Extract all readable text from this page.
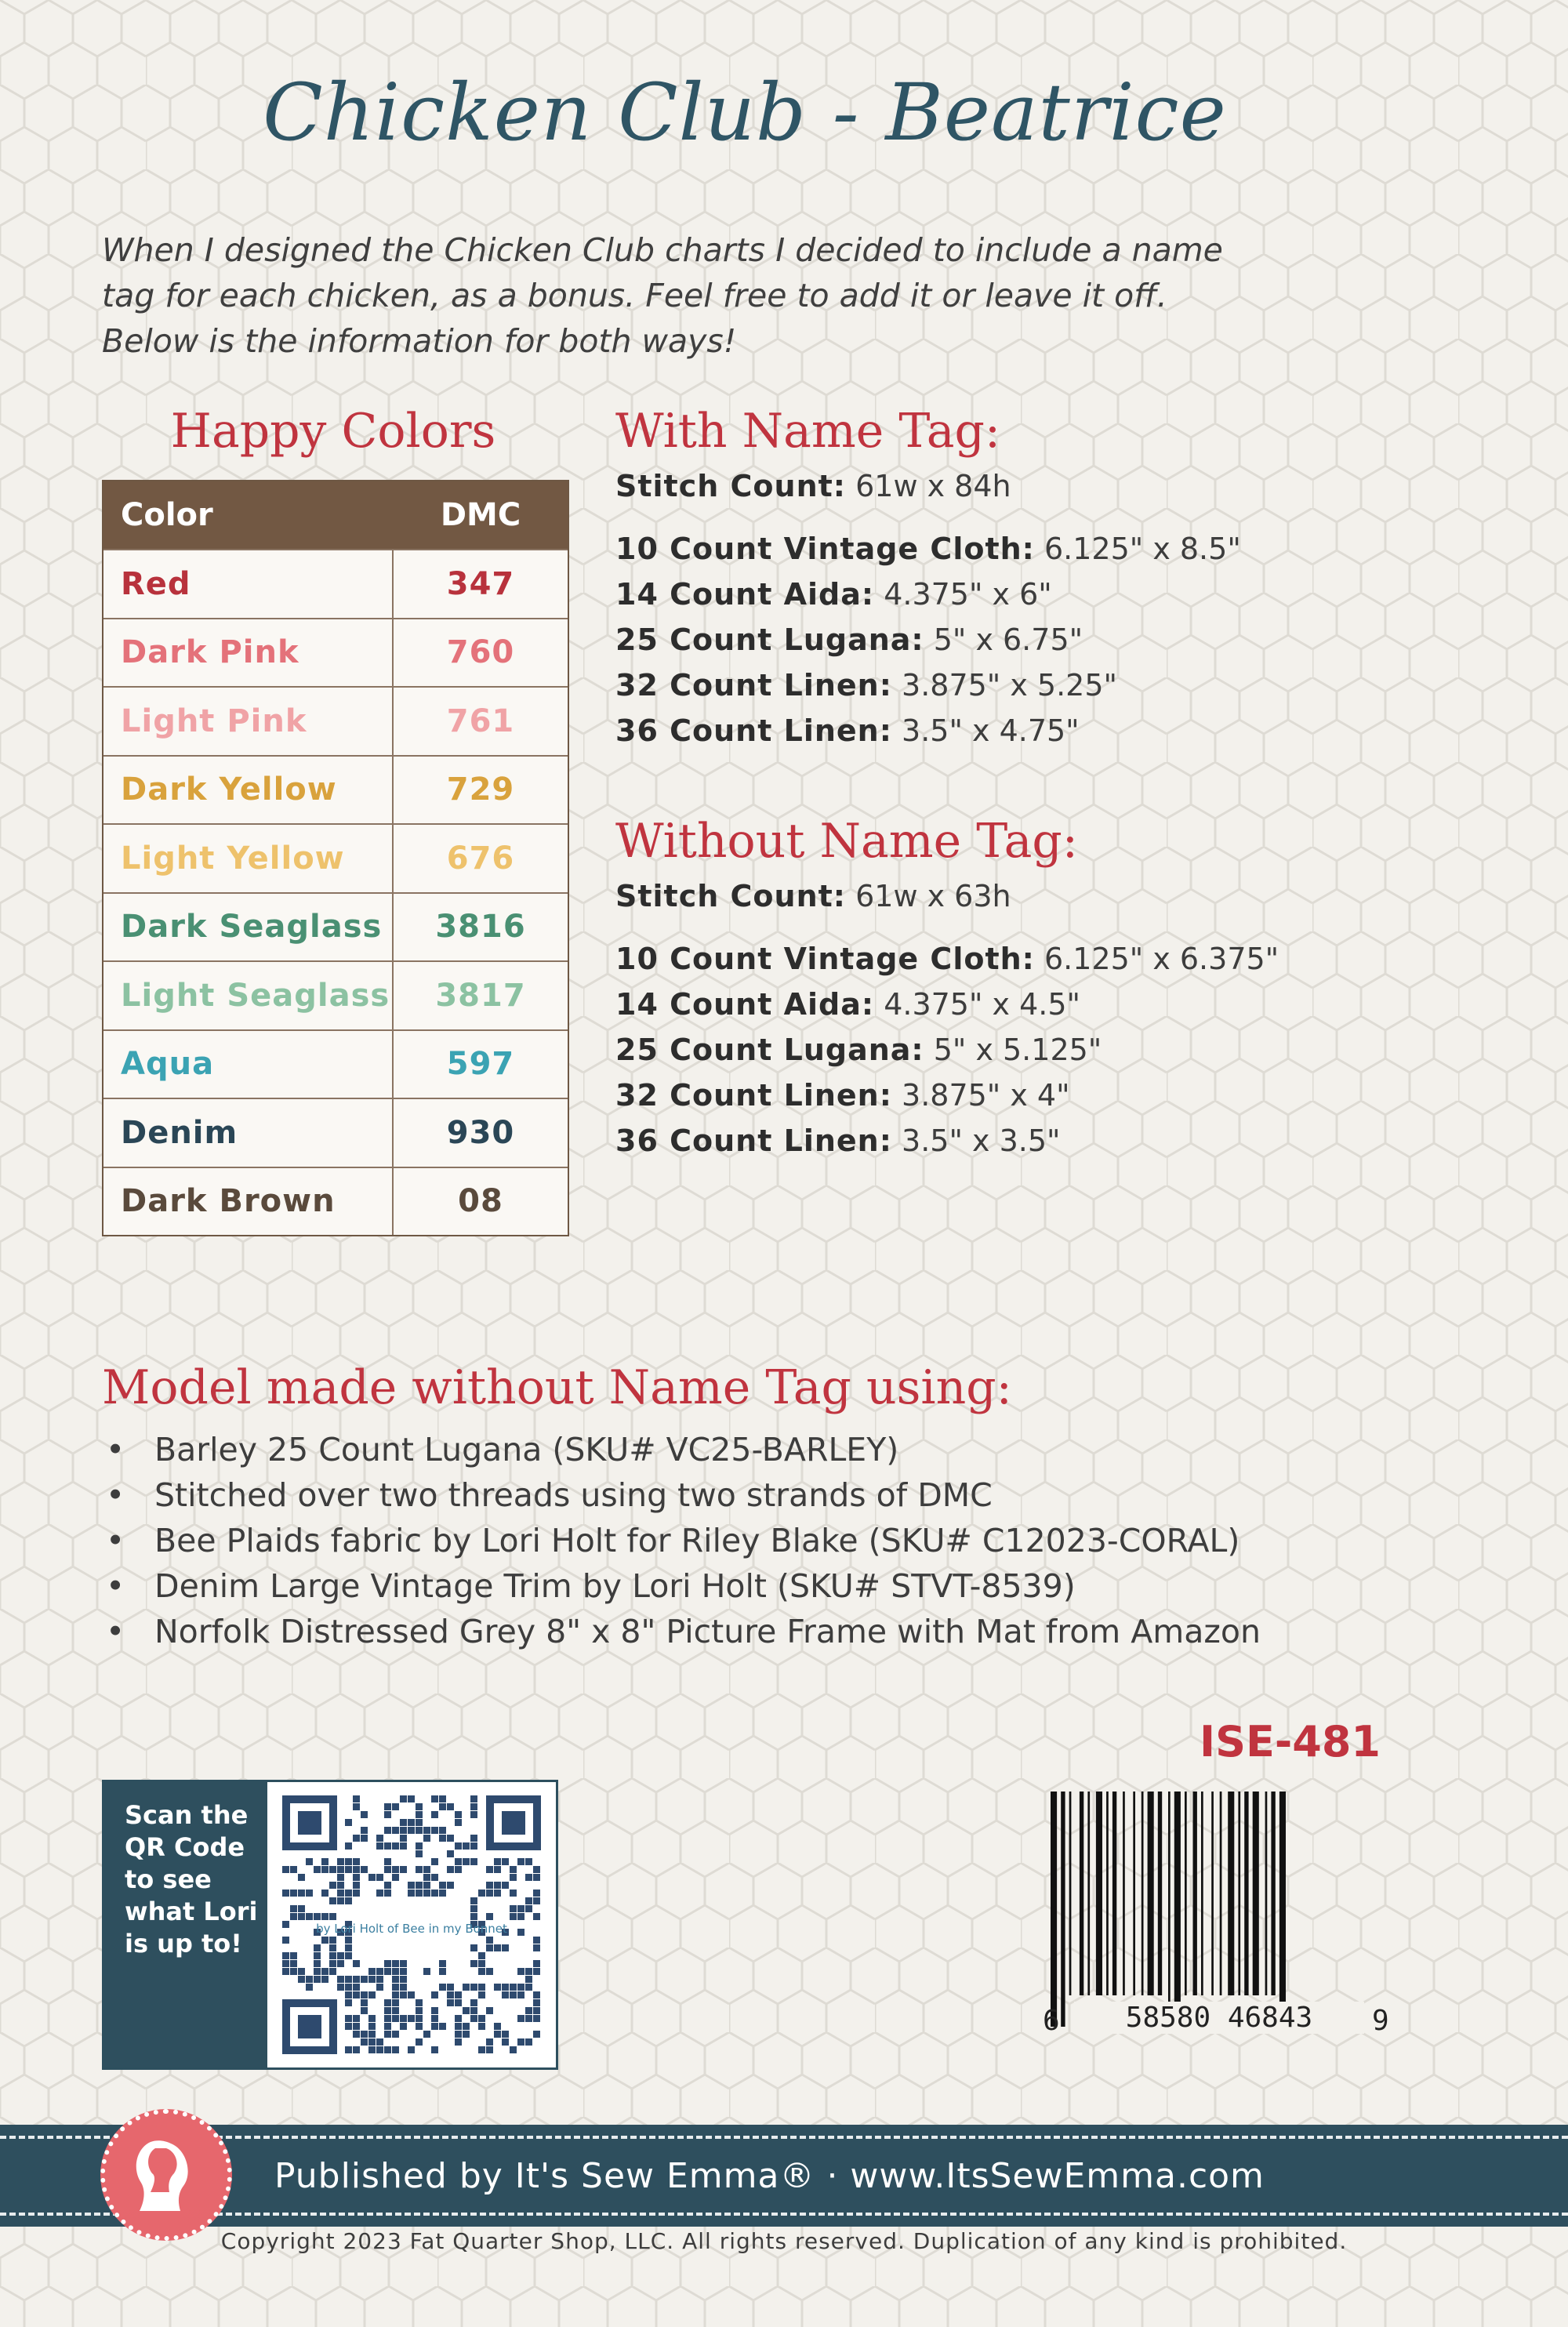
Chicken Club - Beatrice
When I designed the Chicken Club charts I decided to include a name
tag for each chicken, as a bonus. Feel free to add it or leave it off.
Below is the information for both ways!
Happy Colors
Color	DMC
Red	347
Dark Pink	760
Light Pink	761
Dark Yellow	729
Light Yellow	676
Dark Seaglass	3816
Light Seaglass	3817
Aqua	597
Denim	930
Dark Brown	08
With Name Tag:
Stitch Count: 61w x 84h
10 Count Vintage Cloth: 6.125" x 8.5"
14 Count Aida: 4.375" x 6"
25 Count Lugana: 5" x 6.75"
32 Count Linen: 3.875" x 5.25"
36 Count Linen: 3.5" x 4.75"
Without Name Tag:
Stitch Count: 61w x 63h
10 Count Vintage Cloth: 6.125" x 6.375"
14 Count Aida: 4.375" x 4.5"
25 Count Lugana: 5" x 5.125"
32 Count Linen: 3.875" x 4"
36 Count Linen: 3.5" x 3.5"
Model made without Name Tag using:
• Barley 25 Count Lugana (SKU# VC25-BARLEY)
• Stitched over two threads using two strands of DMC
• Bee Plaids fabric by Lori Holt for Riley Blake (SKU# C12023-CORAL)
• Denim Large Vintage Trim by Lori Holt (SKU# STVT-8539)
• Norfolk Distressed Grey 8" x 8" Picture Frame with Mat from Amazon
ISE-481
6	58580 46843	9
Scan the
QR Code
to see
what Lori
is up to!	by Lori Holt of Bee in my Bonnet
Published by It's Sew Emma® · www.ItsSewEmma.com
Copyright 2023 Fat Quarter Shop, LLC. All rights reserved. Duplication of any kind is prohibited.
